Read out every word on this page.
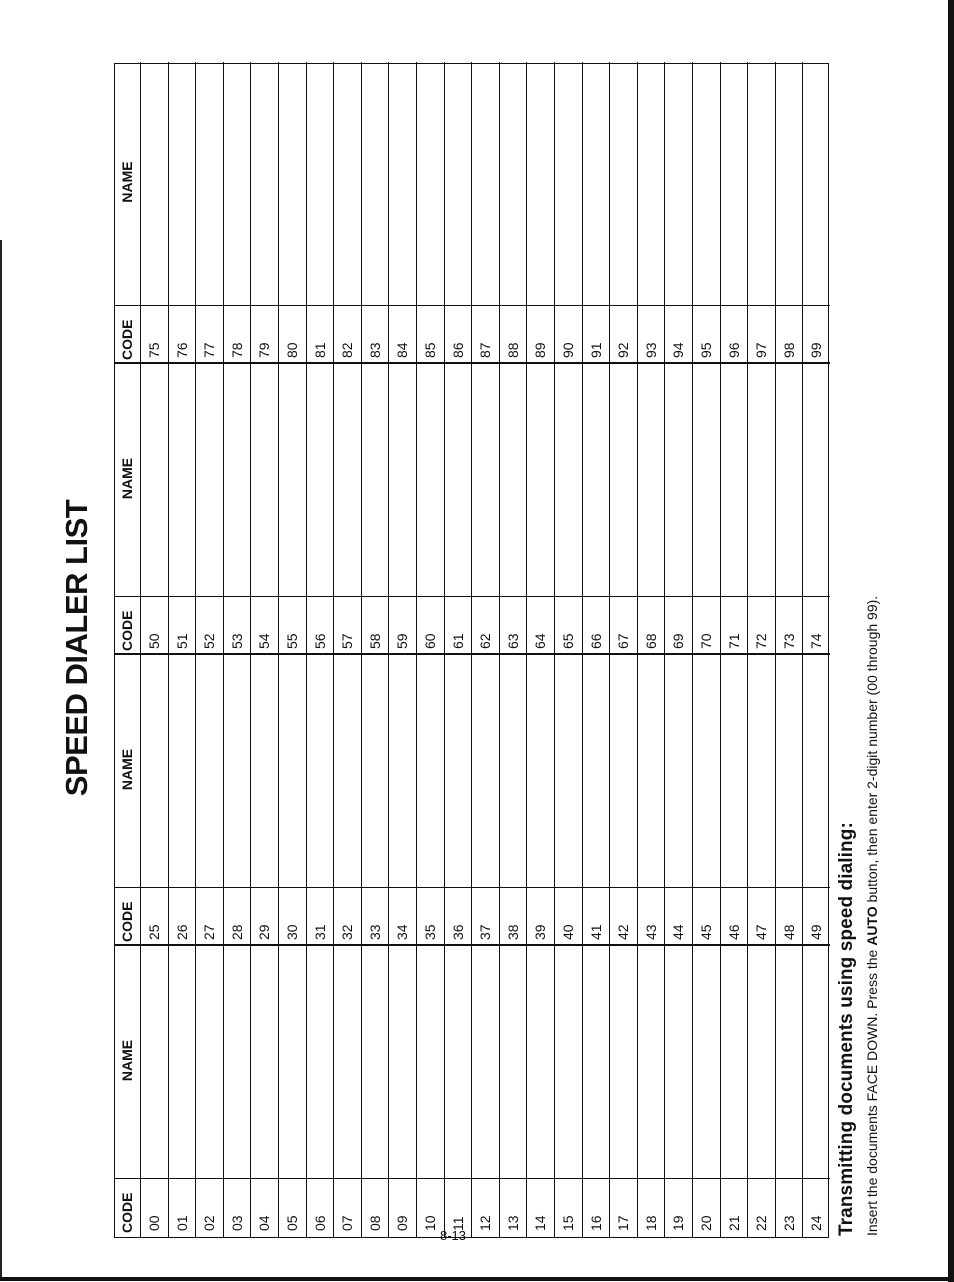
SPEED DIALER LIST
CODE
NAME
00 01 02 03 04 05 06 07 08 09 10 11 12 13 14 15 16 17 18 19 20 21 22 23 24
CODE
NAME
25 26 27 28 29 30 31 32 33 34 35 36 37 38 39 40 41 42 43 44 45 46 47 48 49
CODE
NAME
50 51 52 53 54 55 56 57 58 59 60 61 62 63 64 65 66 67 68 69 70 71 72 73 74
CODE
NAME
75 76 77 78 79 80 81 82 83 84 85 86 87 88 89 90 91 92 93 94 95 96 97 98 99
Transmitting documents using speed dialing: Insert the documents FACE DOWN. Press the AUTO button, then enter 2-digit number (00 through 99).
8-13
